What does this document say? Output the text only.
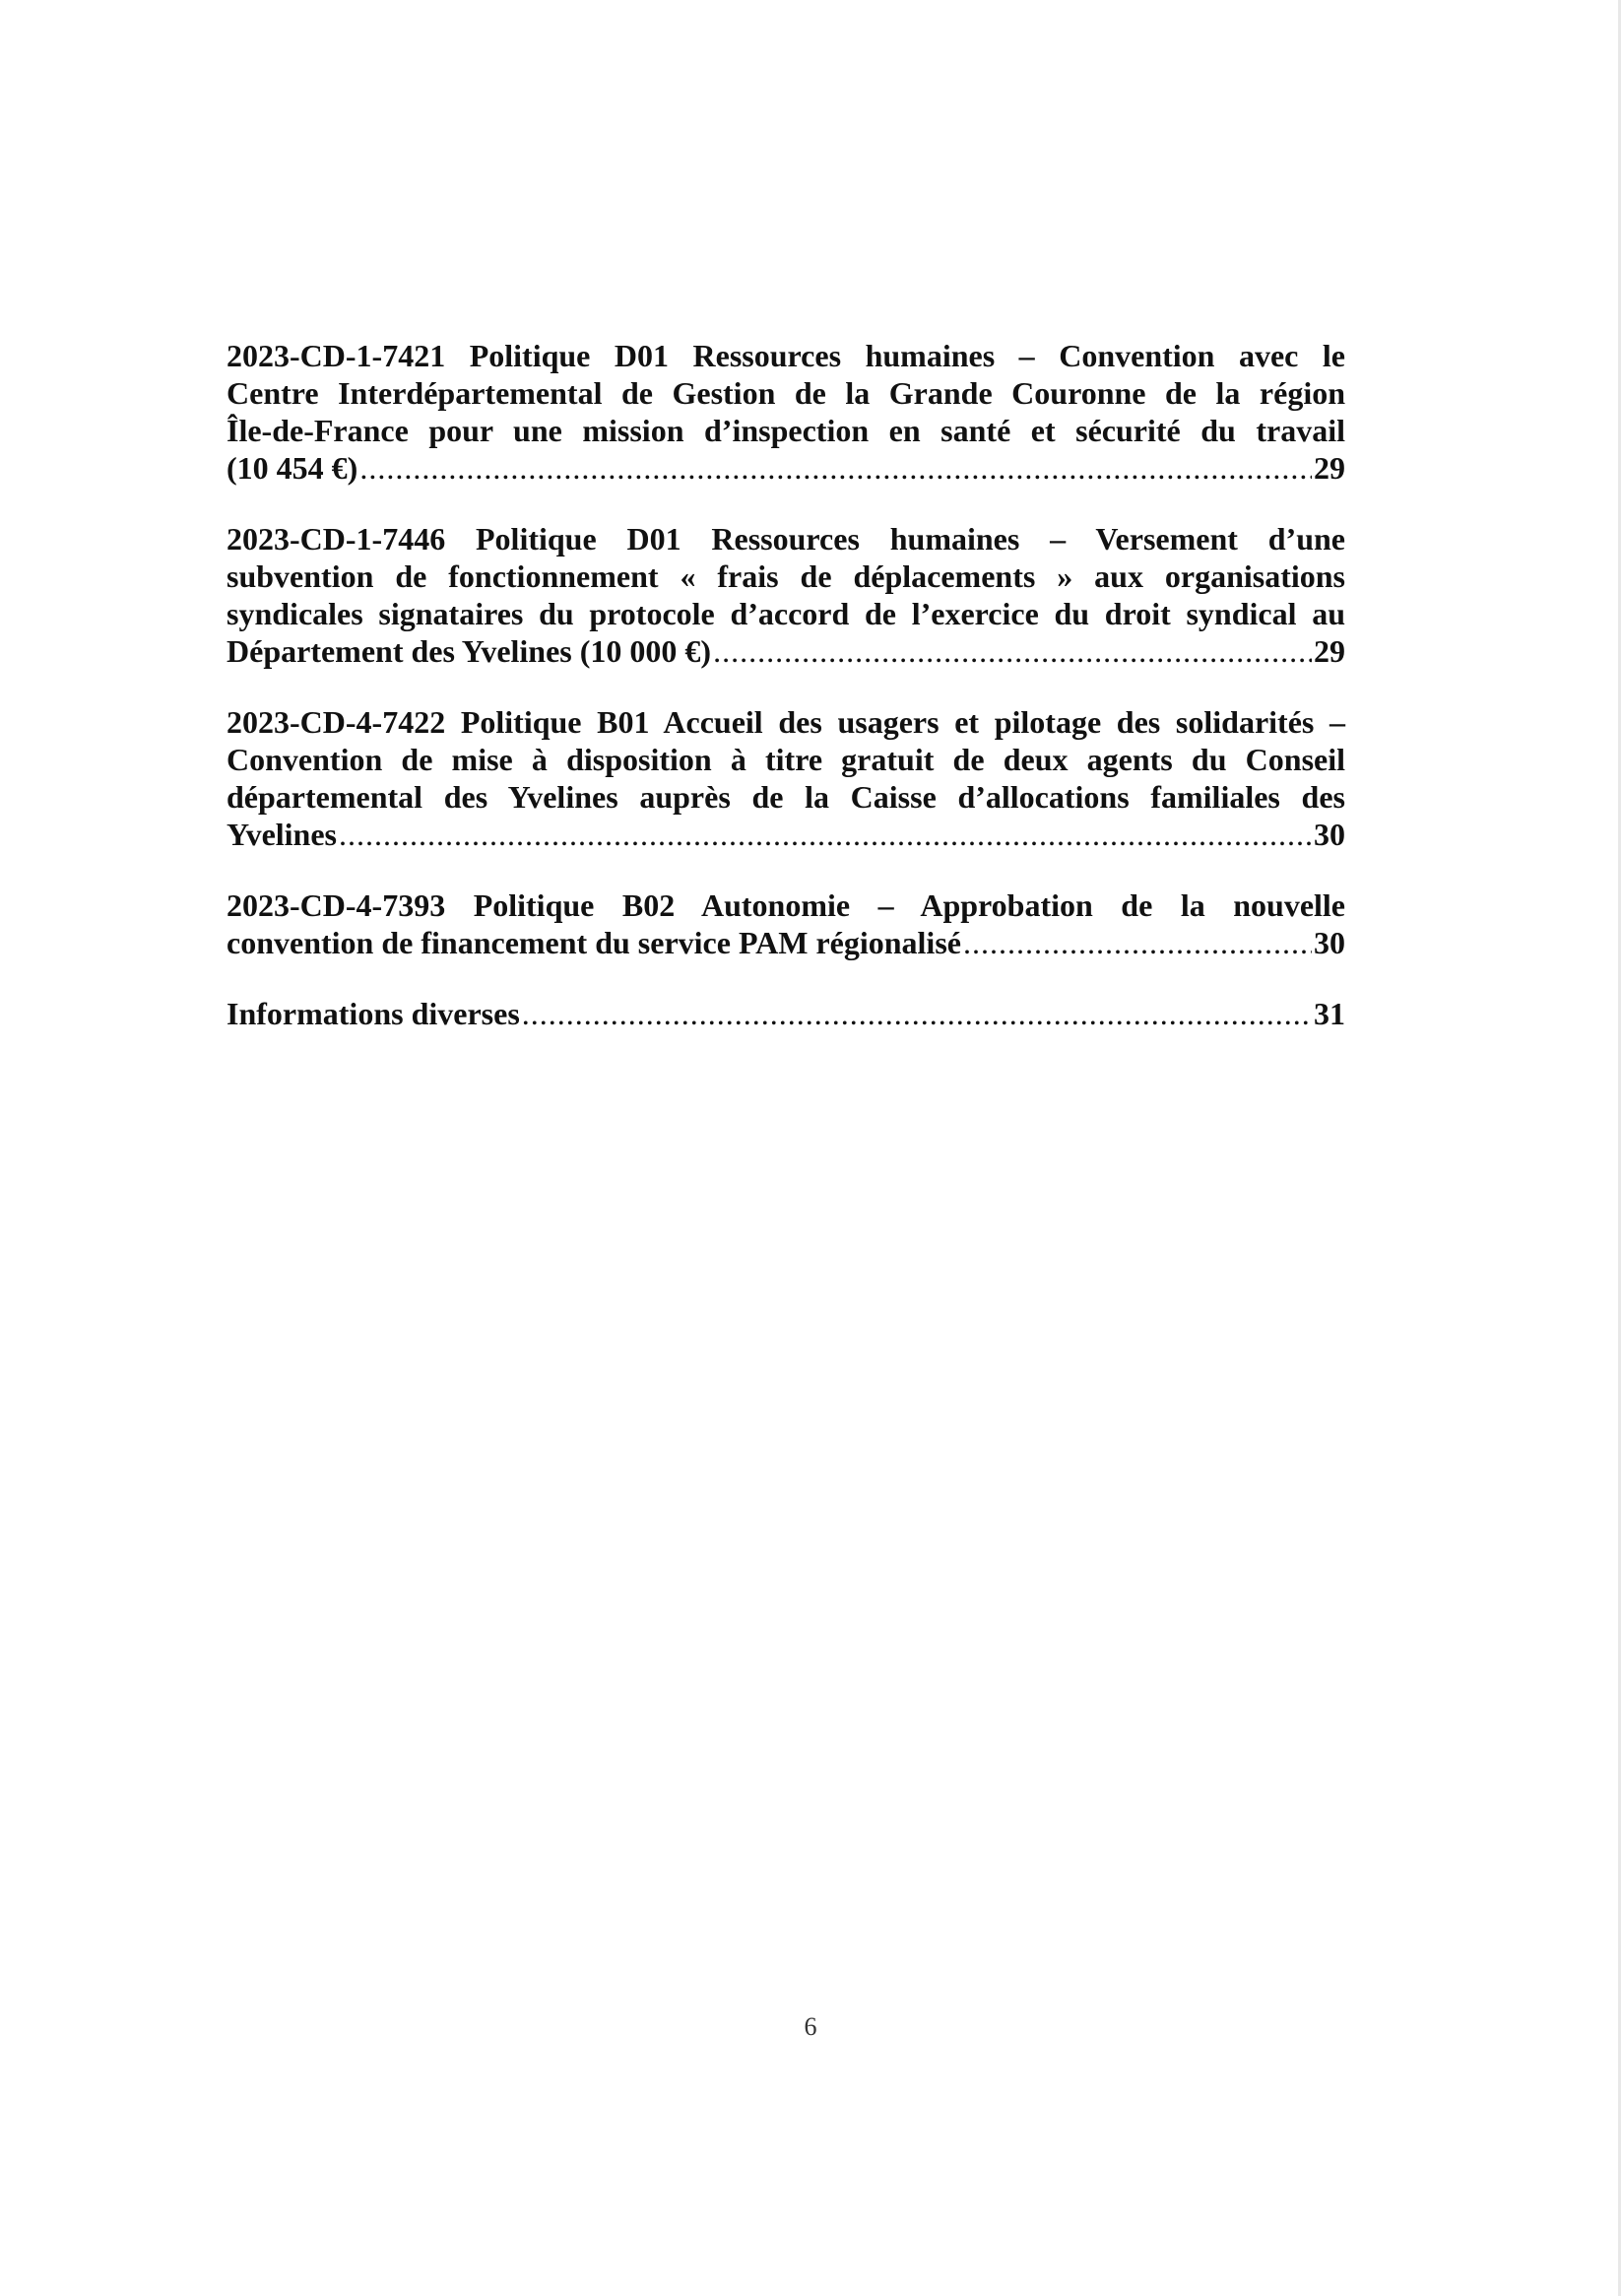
2023-CD-1-7421 Politique D01 Ressources humaines – Convention avec le
Centre Interdépartemental de Gestion de la Grande Couronne de la région
Île-de-France pour une mission d’inspection en santé et sécurité du travail
(10 454 €) .....	29
2023-CD-1-7446 Politique D01 Ressources humaines – Versement d’une
subvention de fonctionnement « frais de déplacements » aux organisations
syndicales signataires du protocole d’accord de l’exercice du droit syndical au
Département des Yvelines (10 000 €) .....	29
2023-CD-4-7422 Politique B01 Accueil des usagers et pilotage des solidarités –
Convention de mise à disposition à titre gratuit de deux agents du Conseil
départemental des Yvelines auprès de la Caisse d’allocations familiales des
Yvelines .....	30
2023-CD-4-7393 Politique B02 Autonomie – Approbation de la nouvelle
convention de financement du service PAM régionalisé .....	30
Informations diverses .....	31
6
